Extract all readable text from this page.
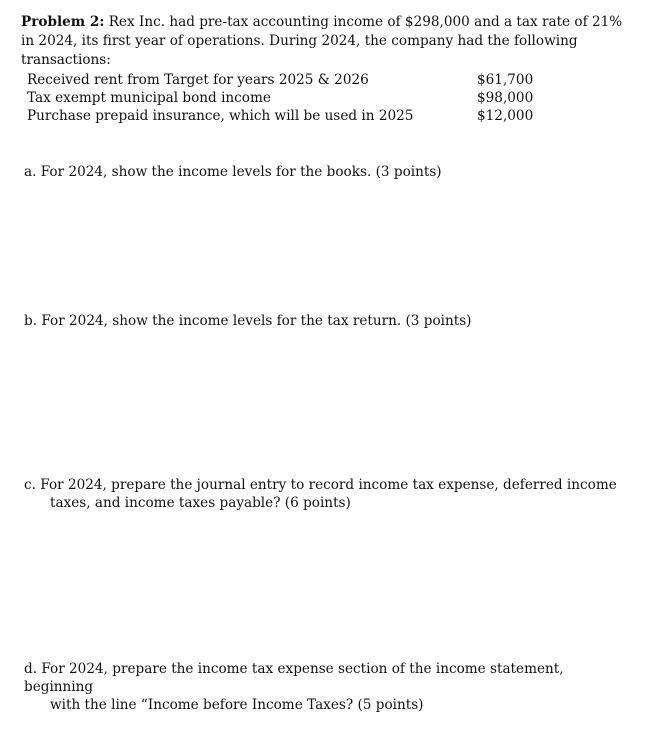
Problem 2: Rex Inc. had pre-tax accounting income of $298,000 and a tax rate of 21% in 2024, its first year of operations. During 2024, the company had the following transactions:
Received rent from Target for years 2025 & 2026	$61,700
Tax exempt municipal bond income	$98,000
Purchase prepaid insurance, which will be used in 2025	$12,000
a. For 2024, show the income levels for the books. (3 points)
b. For 2024, show the income levels for the tax return. (3 points)
c. For 2024, prepare the journal entry to record income tax expense, deferred income
taxes, and income taxes payable? (6 points)
d. For 2024, prepare the income tax expense section of the income statement, beginning
with the line “Income before Income Taxes? (5 points)
